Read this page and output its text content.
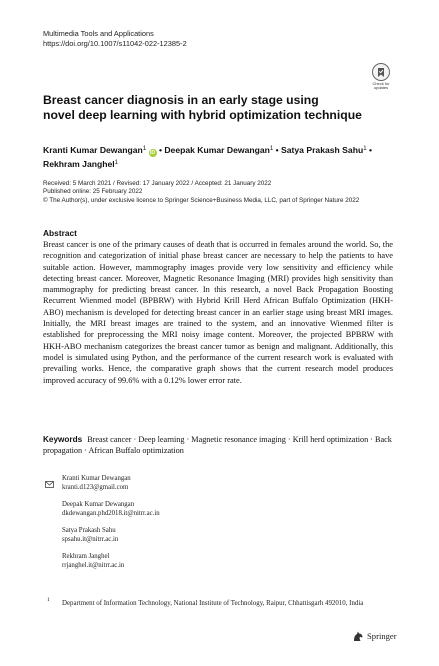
Multimedia Tools and Applications
https://doi.org/10.1007/s11042-022-12385-2
Check for
updates
Breast cancer diagnosis in an early stage using
novel deep learning with hybrid optimization technique
Kranti Kumar Dewangan$^1$ iD • Deepak Kumar Dewangan$^1$ • Satya Prakash Sahu$^1$ •
Rekhram Janghel$^1$
Received: 5 March 2021 / Revised: 17 January 2022 / Accepted: 21 January 2022
Published online: 25 February 2022
© The Author(s), under exclusive licence to Springer Science+Business Media, LLC, part of Springer Nature 2022
Abstract
Breast cancer is one of the primary causes of death that is occurred in females around the world. So, the recognition and categorization of initial phase breast cancer are necessary to help the patients to have suitable action. However, mammography images provide very low sensitivity and efficiency while detecting breast cancer. Moreover, Magnetic Resonance Imaging (MRI) provides high sensitivity than mammography for predicting breast cancer. In this research, a novel Back Propagation Boosting Recurrent Wienmed model (BPBRW) with Hybrid Krill Herd African Buffalo Optimization (HKH-ABO) mechanism is developed for detecting breast cancer in an earlier stage using breast MRI images. Initially, the MRI breast images are trained to the system, and an innovative Wienmed filter is established for preprocessing the MRI noisy image content. Moreover, the projected BPBRW with HKH-ABO mechanism categorizes the breast cancer tumor as benign and malignant. Additionally, this model is simulated using Python, and the performance of the current research work is evaluated with prevailing works. Hence, the comparative graph shows that the current research model produces improved accuracy of 99.6% with a 0.12% lower error rate.
Keywords Breast cancer · Deep learning · Magnetic resonance imaging · Krill herd optimization · Back propagation · African Buffalo optimization
Kranti Kumar Dewangan
kranti.d123@gmail.com
Deepak Kumar Dewangan
dkdewangan.phd2018.it@nitrr.ac.in
Satya Prakash Sahu
spsahu.it@nitrr.ac.in
Rekhram Janghel
rrjanghel.it@nitrr.ac.in
1 Department of Information Technology, National Institute of Technology, Raipur, Chhattisgarh 492010, India
Springer
